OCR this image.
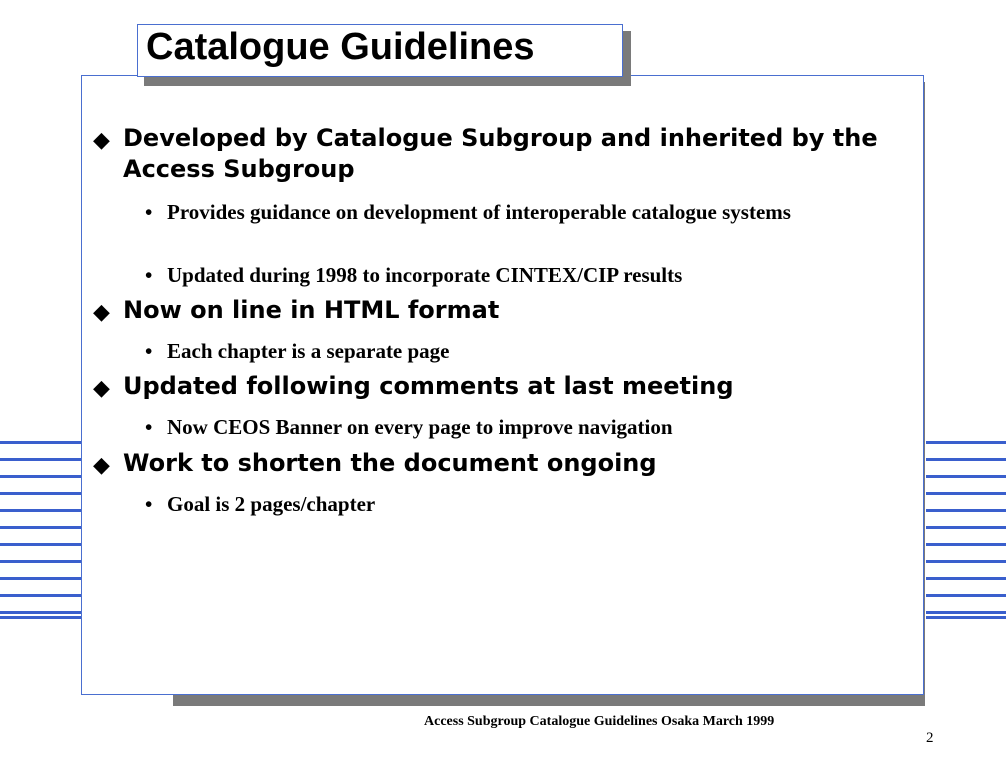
Catalogue Guidelines
◆ Developed by Catalogue Subgroup and inherited by the Access Subgroup
• Provides guidance on development of interoperable catalogue systems
• Updated during 1998 to incorporate CINTEX/CIP results
◆ Now on line in HTML format
• Each chapter is a separate page
◆ Updated following comments at last meeting
• Now CEOS Banner on every page to improve navigation
◆ Work to shorten the document ongoing
• Goal is 2 pages/chapter
Access Subgroup Catalogue Guidelines Osaka March 1999
2
